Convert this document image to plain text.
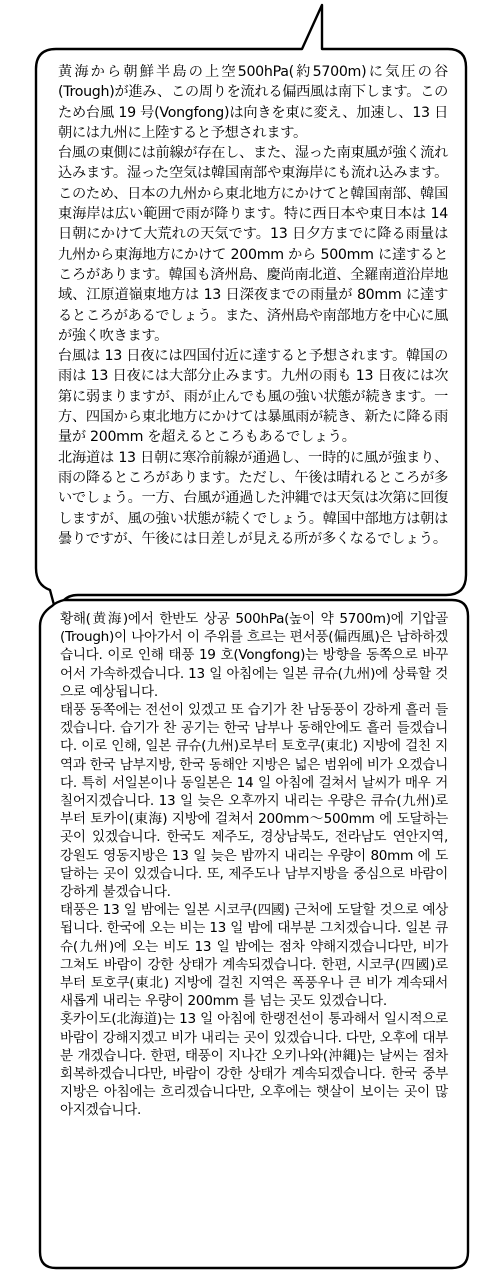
黄海から朝鮮半島の上空500hPa(約5700m)に気圧の谷(Trough)が進み、この周りを流れる偏西風は南下します。このため台風 19 号(Vongfong)は向きを東に変え、加速し、13 日朝には九州に上陸すると予想されます。

台風の東側には前線が存在し、また、湿った南東風が強く流れ込みます。湿った空気は韓国南部や東海岸にも流れ込みます。このため、日本の九州から東北地方にかけてと韓国南部、韓国東海岸は広い範囲で雨が降ります。特に西日本や東日本は 14 日朝にかけて大荒れの天気です。13 日夕方までに降る雨量は九州から東海地方にかけて 200mm から 500mm に達するところがあります。韓国も済州島、慶尚南北道、全羅南道沿岸地域、江原道嶺東地方は 13 日深夜までの雨量が 80mm に達するところがあるでしょう。また、済州島や南部地方を中心に風が強く吹きます。

台風は 13 日夜には四国付近に達すると予想されます。韓国の雨は 13 日夜には大部分止みます。九州の雨も 13 日夜には次第に弱まりますが、雨が止んでも風の強い状態が続きます。一方、四国から東北地方にかけては暴風雨が続き、新たに降る雨量が 200mm を超えるところもあるでしょう。

北海道は 13 日朝に寒冷前線が通過し、一時的に風が強まり、雨の降るところがあります。ただし、午後は晴れるところが多いでしょう。一方、台風が通過した沖縄では天気は次第に回復しますが、風の強い状態が続くでしょう。韓国中部地方は朝は曇りですが、午後には日差しが見える所が多くなるでしょう。

황해(黄海)에서 한반도 상공 500hPa(높이 약 5700m)에 기압골(Trough)이 나아가서 이 주위를 흐르는 편서풍(偏西風)은 남하하겠습니다. 이로 인해 태풍 19 호(Vongfong)는 방향을 동쪽으로 바꾸어서 가속하겠습니다. 13 일 아침에는 일본 큐슈(九州)에 상륙할 것으로 예상됩니다.

태풍 동쪽에는 전선이 있겠고 또 습기가 찬 남동풍이 강하게 흘러 들겠습니다. 습기가 찬 공기는 한국 남부나 동해안에도 흘러 들겠습니다. 이로 인해, 일본 큐슈(九州)로부터 토호쿠(東北) 지방에 걸친 지역과 한국 남부지방, 한국 동해안 지방은 넓은 범위에 비가 오겠습니다. 특히 서일본이나 동일본은 14 일 아침에 걸쳐서 날씨가 매우 거칠어지겠습니다. 13 일 늦은 오후까지 내리는 우량은 큐슈(九州)로부터 토카이(東海) 지방에 걸쳐서 200mm～500mm 에 도달하는 곳이 있겠습니다. 한국도 제주도, 경상남북도, 전라남도 연안지역, 강원도 영동지방은 13 일 늦은 밤까지 내리는 우량이 80mm 에 도달하는 곳이 있겠습니다. 또, 제주도나 남부지방을 중심으로 바람이 강하게 불겠습니다.

태풍은 13 일 밤에는 일본 시코쿠(四國) 근처에 도달할 것으로 예상됩니다. 한국에 오는 비는 13 일 밤에 대부분 그치겠습니다. 일본 큐슈(九州)에 오는 비도 13 일 밤에는 점차 약해지겠습니다만, 비가 그쳐도 바람이 강한 상태가 계속되겠습니다. 한편, 시코쿠(四國)로부터 토호쿠(東北) 지방에 걸친 지역은 폭풍우나 큰 비가 계속돼서 새롭게 내리는 우량이 200mm 를 넘는 곳도 있겠습니다.

홋카이도(北海道)는 13 일 아침에 한랭전선이 통과해서 일시적으로 바람이 강해지겠고 비가 내리는 곳이 있겠습니다. 다만, 오후에 대부분 개겠습니다. 한편, 태풍이 지나간 오키나와(沖縄)는 날씨는 점차 회복하겠습니다만, 바람이 강한 상태가 계속되겠습니다. 한국 중부지방은 아침에는 흐리겠습니다만, 오후에는 햇살이 보이는 곳이 많아지겠습니다.
